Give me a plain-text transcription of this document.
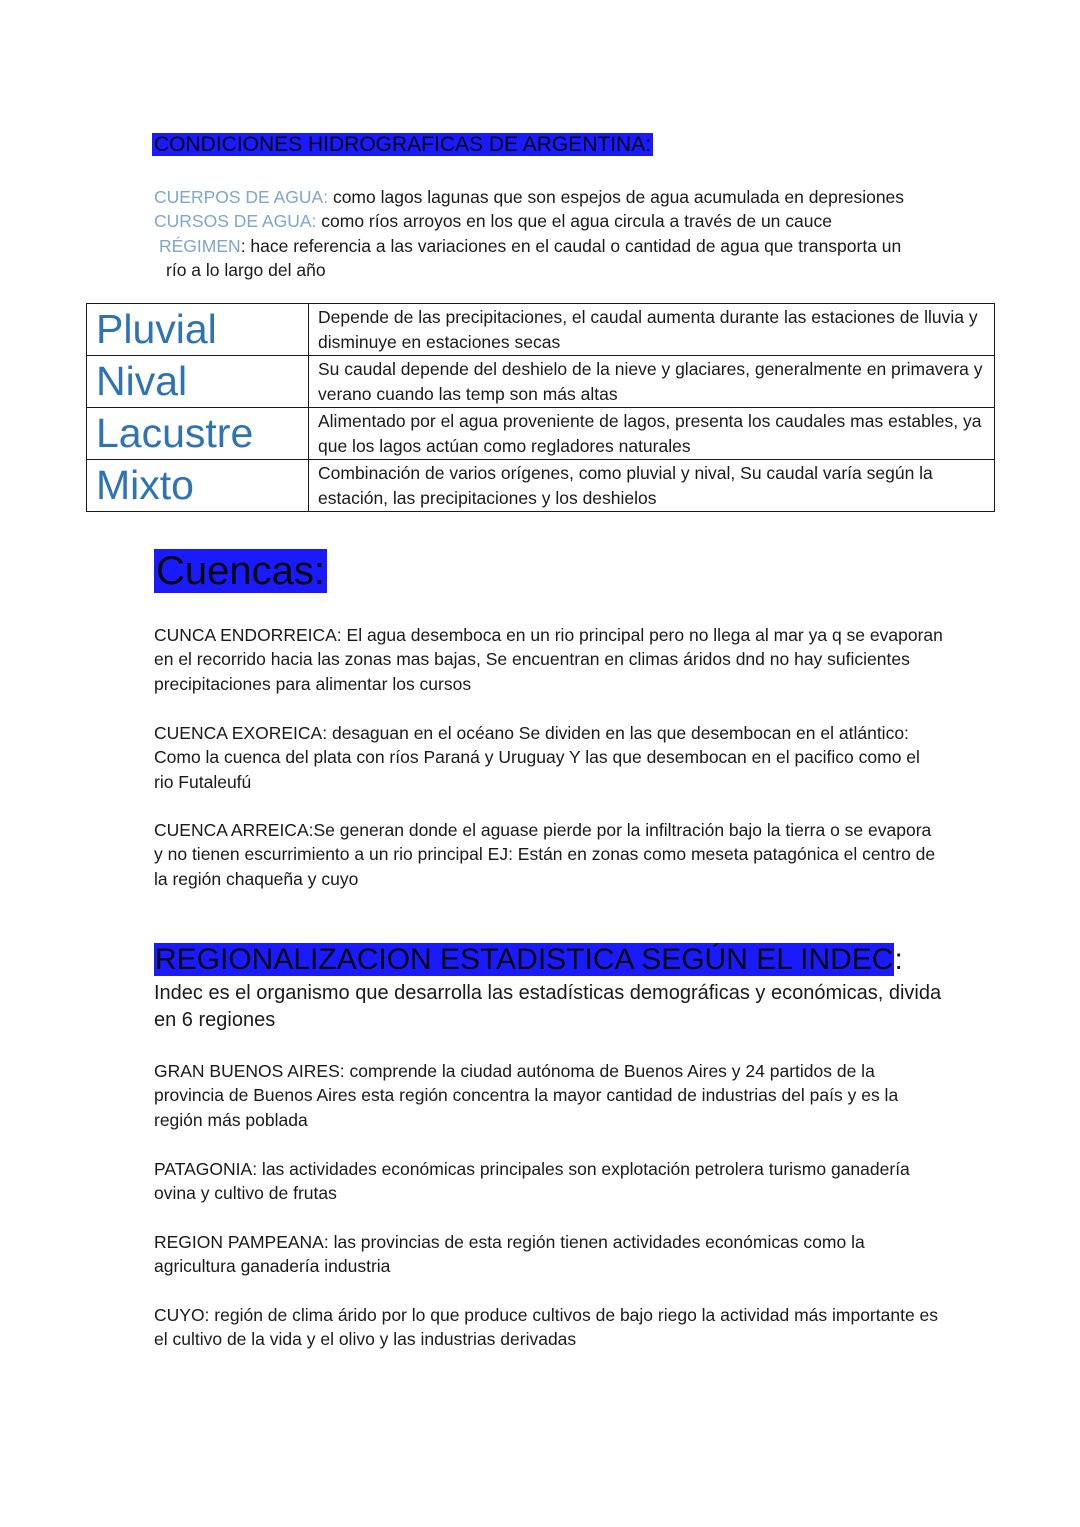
CONDICIONES HIDROGRAFICAS DE ARGENTINA:
CUERPOS DE AGUA: como lagos lagunas que son espejos de agua acumulada en depresiones
CURSOS DE AGUA: como ríos arroyos en los que el agua circula a través de un cauce
RÉGIMEN: hace referencia a las variaciones en el caudal o cantidad de agua que transporta un
río a lo largo del año
Pluvial	Depende de las precipitaciones, el caudal aumenta durante las estaciones de lluvia y disminuye en estaciones secas
Nival	Su caudal depende del deshielo de la nieve y glaciares, generalmente en primavera y verano cuando las temp son más altas
Lacustre	Alimentado por el agua proveniente de lagos, presenta los caudales mas estables, ya que los lagos actúan como regladores naturales
Mixto	Combinación de varios orígenes, como pluvial y nival, Su caudal varía según la estación, las precipitaciones y los deshielos
Cuencas:
CUNCA ENDORREICA: El agua desemboca en un rio principal pero no llega al mar ya q se evaporan en el recorrido hacia las zonas mas bajas, Se encuentran en climas áridos dnd no hay suficientes precipitaciones para alimentar los cursos
CUENCA EXOREICA: desaguan en el océano Se dividen en las que desembocan en el atlántico: Como la cuenca del plata con ríos Paraná y Uruguay Y las que desembocan en el pacifico como el rio Futaleufú
CUENCA ARREICA:Se generan donde el aguase pierde por la infiltración bajo la tierra o se evapora y no tienen escurrimiento a un rio principal EJ: Están en zonas como meseta patagónica el centro de la región chaqueña y cuyo
REGIONALIZACION ESTADISTICA SEGÚN EL INDEC:
Indec es el organismo que desarrolla las estadísticas demográficas y económicas, divida en 6 regiones
GRAN BUENOS AIRES: comprende la ciudad autónoma de Buenos Aires y 24 partidos de la provincia de Buenos Aires esta región concentra la mayor cantidad de industrias del país y es la región más poblada
PATAGONIA: las actividades económicas principales son explotación petrolera turismo ganadería ovina y cultivo de frutas
REGION PAMPEANA: las provincias de esta región tienen actividades económicas como la agricultura ganadería industria
CUYO: región de clima árido por lo que produce cultivos de bajo riego la actividad más importante es el cultivo de la vida y el olivo y las industrias derivadas
